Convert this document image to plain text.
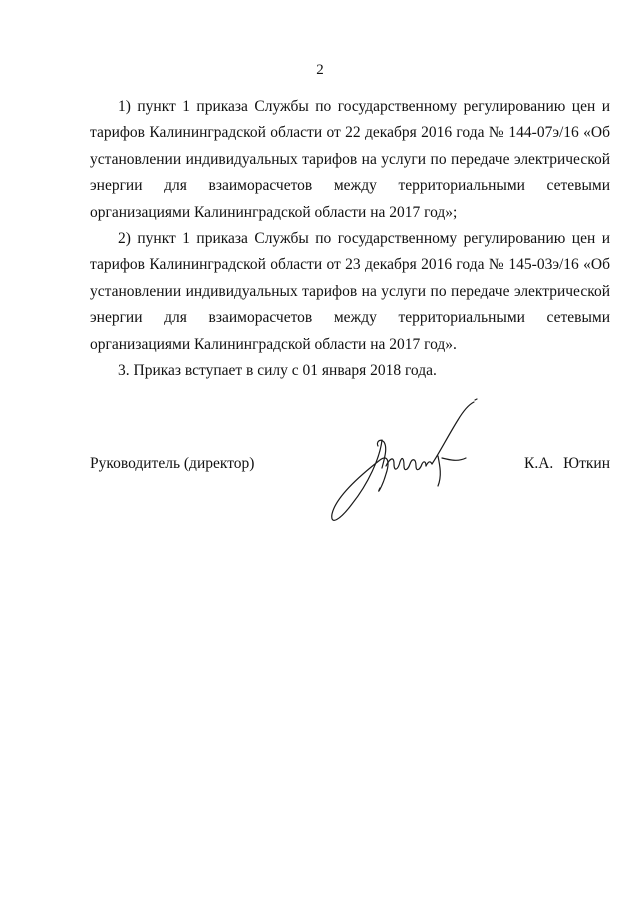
2

1) пункт 1 приказа Службы по государственному регулированию цен и тарифов Калининградской области от 22 декабря 2016 года № 144-07э/16 «Об установлении индивидуальных тарифов на услуги по передаче электрической энергии для взаиморасчетов между территориальными сетевыми организациями Калининградской области на 2017 год»;

2) пункт 1 приказа Службы по государственному регулированию цен и тарифов Калининградской области от 23 декабря 2016 года № 145-03э/16 «Об установлении индивидуальных тарифов на услуги по передаче электрической энергии для взаиморасчетов между территориальными сетевыми организациями Калининградской области на 2017 год».

3. Приказ вступает в силу с 01 января 2018 года.

Руководитель (директор)	К.А. Юткин
